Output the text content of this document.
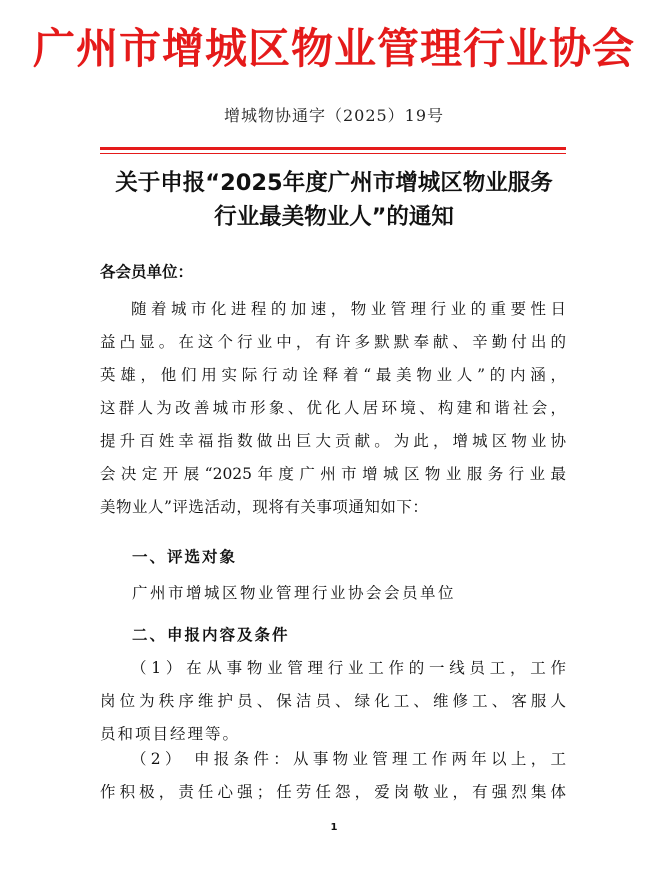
广州市增城区物业管理行业协会
增城物协通字（2025）19号
关于申报“2025年度广州市增城区物业服务
行业最美物业人”的通知
各会员单位：
随着城市化进程的加速，物业管理行业的重要性日
益凸显。在这个行业中，有许多默默奉献、辛勤付出的
英雄，他们用实际行动诠释着“最美物业人”的内涵，
这群人为改善城市形象、优化人居环境、构建和谐社会，
提升百姓幸福指数做出巨大贡献。为此，增城区物业协
会决定开展“2025年度广州市增城区物业服务行业最
美物业人”评选活动，现将有关事项通知如下：
一、评选对象
广州市增城区物业管理行业协会会员单位
二、申报内容及条件
（1）在从事物业管理行业工作的一线员工，工作
岗位为秩序维护员、保洁员、绿化工、维修工、客服人
员和项目经理等。
（2） 申报条件：从事物业管理工作两年以上，工
作积极，责任心强；任劳任怨，爱岗敬业，有强烈集体
1
